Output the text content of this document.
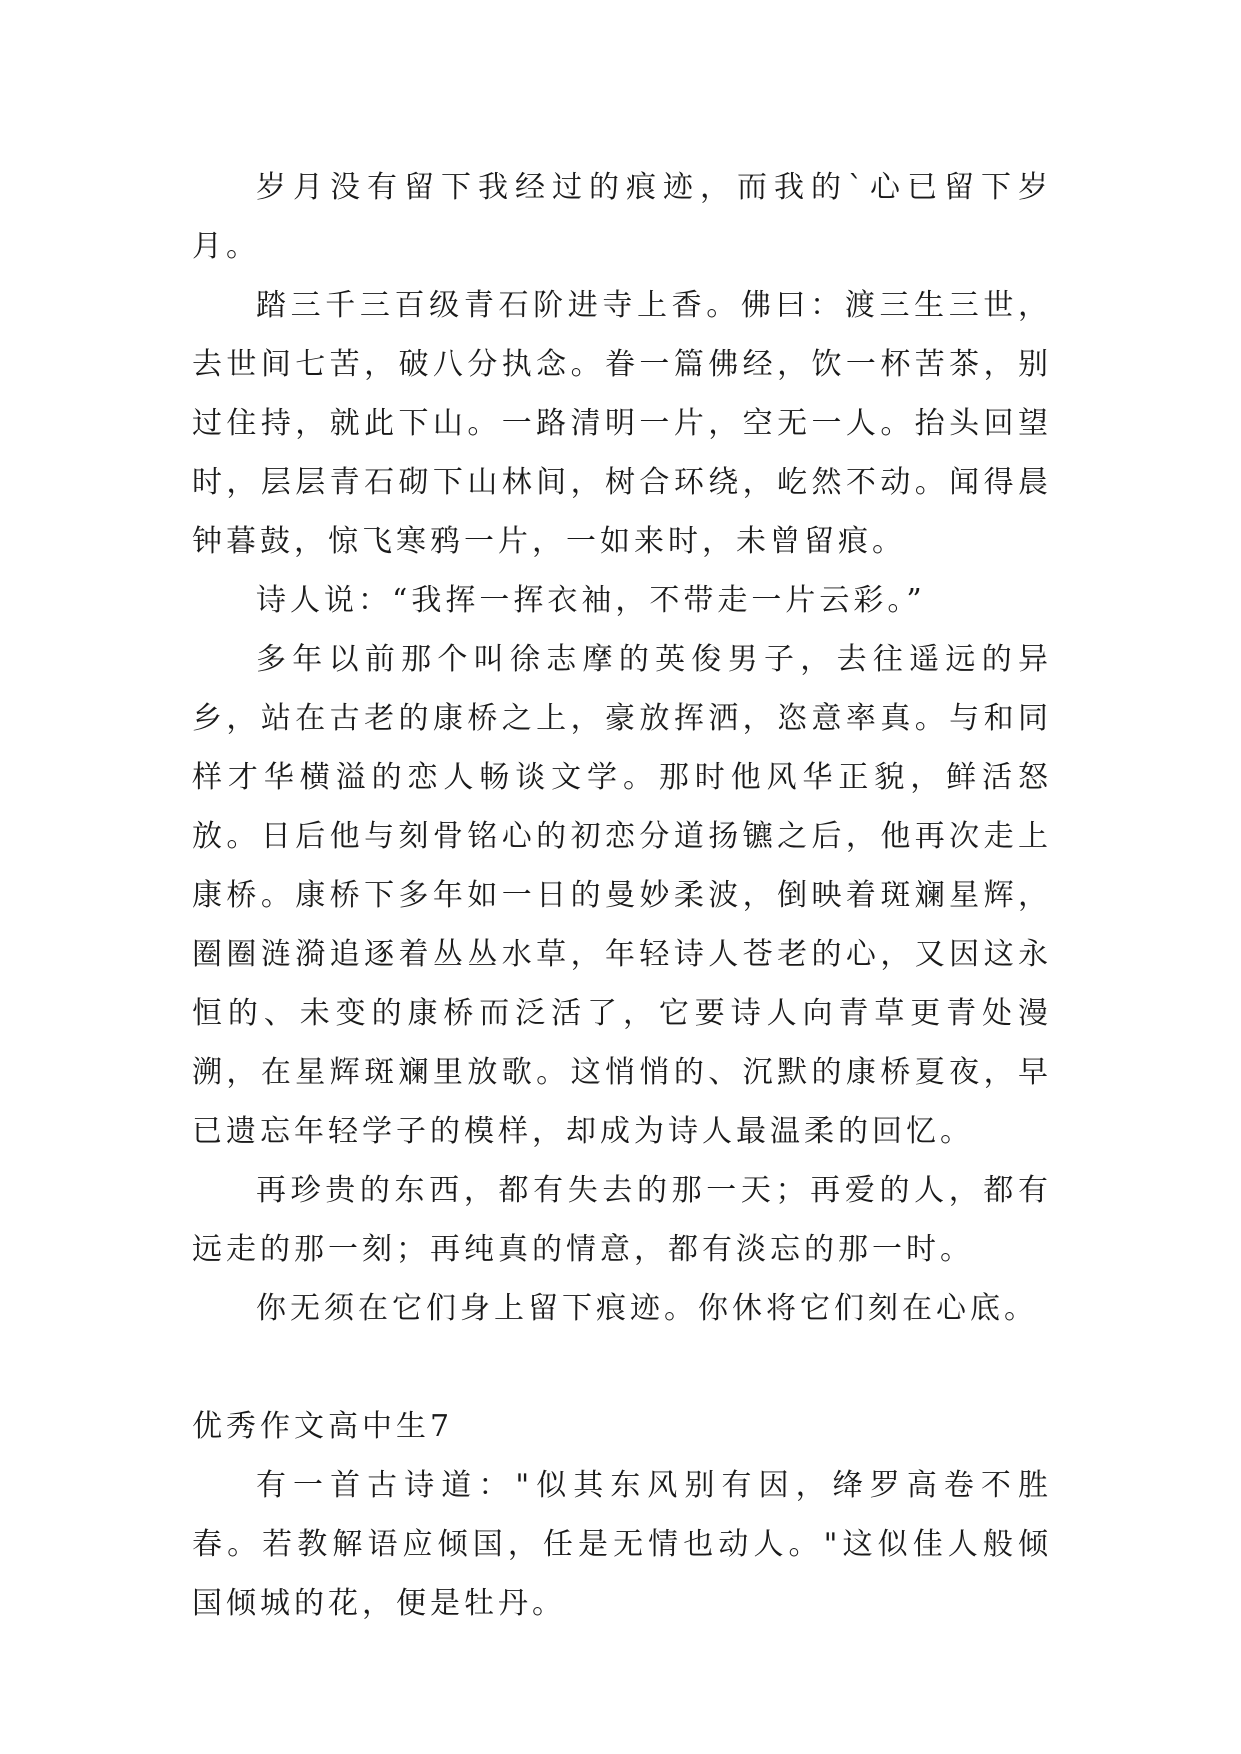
岁月没有留下我经过的痕迹，而我的`心已留下岁月。

踏三千三百级青石阶进寺上香。佛曰：渡三生三世，去世间七苦，破八分执念。眷一篇佛经，饮一杯苦茶，别过住持，就此下山。一路清明一片，空无一人。抬头回望时，层层青石砌下山林间，树合环绕，屹然不动。闻得晨钟暮鼓，惊飞寒鸦一片，一如来时，未曾留痕。

诗人说：“我挥一挥衣袖，不带走一片云彩。”

多年以前那个叫徐志摩的英俊男子，去往遥远的异乡，站在古老的康桥之上，豪放挥洒，恣意率真。与和同样才华横溢的恋人畅谈文学。那时他风华正貌，鲜活怒放。日后他与刻骨铭心的初恋分道扬镳之后，他再次走上康桥。康桥下多年如一日的曼妙柔波，倒映着斑斓星辉，圈圈涟漪追逐着丛丛水草，年轻诗人苍老的心，又因这永恒的、未变的康桥而泛活了，它要诗人向青草更青处漫溯，在星辉斑斓里放歌。这悄悄的、沉默的康桥夏夜，早已遗忘年轻学子的模样，却成为诗人最温柔的回忆。

再珍贵的东西，都有失去的那一天；再爱的人，都有远走的那一刻；再纯真的情意，都有淡忘的那一时。

你无须在它们身上留下痕迹。你休将它们刻在心底。

优秀作文高中生7

有一首古诗道："似其东风别有因，绛罗高卷不胜春。若教解语应倾国，任是无情也动人。"这似佳人般倾国倾城的花，便是牡丹。
